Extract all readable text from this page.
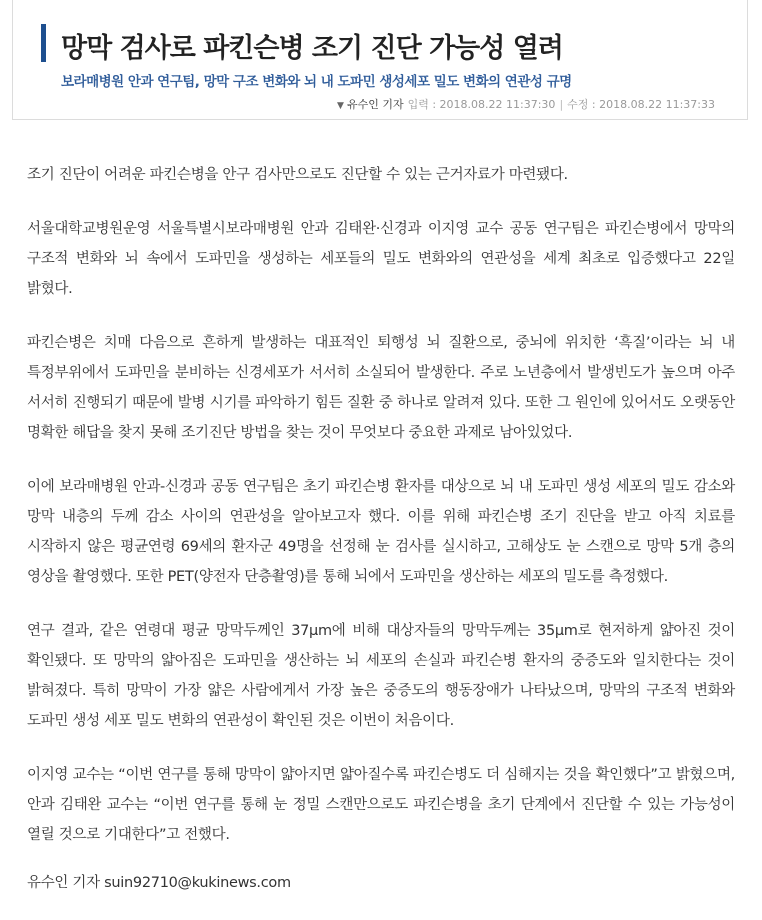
망막 검사로 파킨슨병 조기 진단 가능성 열려
보라매병원 안과 연구팀, 망막 구조 변화와 뇌 내 도파민 생성세포 밀도 변화의 연관성 규명
▼ 유수인 기자 입력 : 2018.08.22 11:37:30 | 수정 : 2018.08.22 11:37:33

조기 진단이 어려운 파킨슨병을 안구 검사만으로도 진단할 수 있는 근거자료가 마련됐다.

서울대학교병원운영 서울특별시보라매병원 안과 김태완·신경과 이지영 교수 공동 연구팀은 파킨슨병에서 망막의 구조적 변화와 뇌 속에서 도파민을 생성하는 세포들의 밀도 변화와의 연관성을 세계 최초로 입증했다고 22일 밝혔다.

파킨슨병은 치매 다음으로 흔하게 발생하는 대표적인 퇴행성 뇌 질환으로, 중뇌에 위치한 ‘흑질’이라는 뇌 내 특정부위에서 도파민을 분비하는 신경세포가 서서히 소실되어 발생한다. 주로 노년층에서 발생빈도가 높으며 아주 서서히 진행되기 때문에 발병 시기를 파악하기 힘든 질환 중 하나로 알려져 있다. 또한 그 원인에 있어서도 오랫동안 명확한 해답을 찾지 못해 조기진단 방법을 찾는 것이 무엇보다 중요한 과제로 남아있었다.

이에 보라매병원 안과-신경과 공동 연구팀은 초기 파킨슨병 환자를 대상으로 뇌 내 도파민 생성 세포의 밀도 감소와 망막 내층의 두께 감소 사이의 연관성을 알아보고자 했다. 이를 위해 파킨슨병 조기 진단을 받고 아직 치료를 시작하지 않은 평균연령 69세의 환자군 49명을 선정해 눈 검사를 실시하고, 고해상도 눈 스캔으로 망막 5개 층의 영상을 촬영했다. 또한 PET(양전자 단층촬영)를 통해 뇌에서 도파민을 생산하는 세포의 밀도를 측정했다.

연구 결과, 같은 연령대 평균 망막두께인 37μm에 비해 대상자들의 망막두께는 35μm로 현저하게 얇아진 것이 확인됐다. 또 망막의 얇아짐은 도파민을 생산하는 뇌 세포의 손실과 파킨슨병 환자의 중증도와 일치한다는 것이 밝혀졌다. 특히 망막이 가장 얇은 사람에게서 가장 높은 중증도의 행동장애가 나타났으며, 망막의 구조적 변화와 도파민 생성 세포 밀도 변화의 연관성이 확인된 것은 이번이 처음이다.

이지영 교수는 “이번 연구를 통해 망막이 얇아지면 얇아질수록 파킨슨병도 더 심해지는 것을 확인했다”고 밝혔으며, 안과 김태완 교수는 “이번 연구를 통해 눈 정밀 스캔만으로도 파킨슨병을 초기 단계에서 진단할 수 있는 가능성이 열릴 것으로 기대한다”고 전했다.

유수인 기자 suin92710@kukinews.com
